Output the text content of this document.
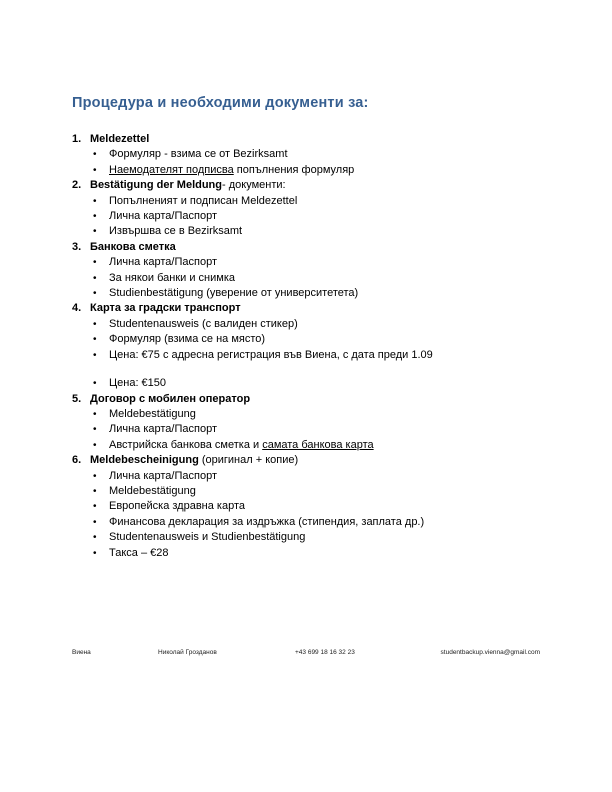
Процедура и необходими документи за:
1. Meldezettel
•	Формуляр - взима се от Bezirksamt
•	Наемодателят подписва попълнения формуляр
2. Bestätigung der Meldung- документи:
•	Попълненият и подписан Meldezettel
•	Лична карта/Паспорт
•	Извършва се в Bezirksamt
3. Банкова сметка
•	Лична карта/Паспорт
•	За някои банки и снимка
•	Studienbestätigung (уверение от университетета)
4. Карта за градски транспорт
•	Studentenausweis (с валиден стикер)
•	Формуляр (взима се на място)
•	Цена: €75 с адресна регистрация във Виена, с дата преди 1.09
•	Цена: €150
5. Договор с мобилен оператор
•	Meldebestätigung
•	Лична карта/Паспорт
•	Австрийска банкова сметка и самата банкова карта
6. Meldebescheinigung (оригинал + копие)
•	Лична карта/Паспорт
•	Meldebestätigung
•	Европейска здравна карта
•	Финансова декларация за издръжка (стипендия, заплата др.)
•	Studentenausweis и Studienbestätigung
•	Такса – €28
Виена	Николай Грозданов	+43 699 18 16 32 23	studentbackup.vienna@gmail.com
